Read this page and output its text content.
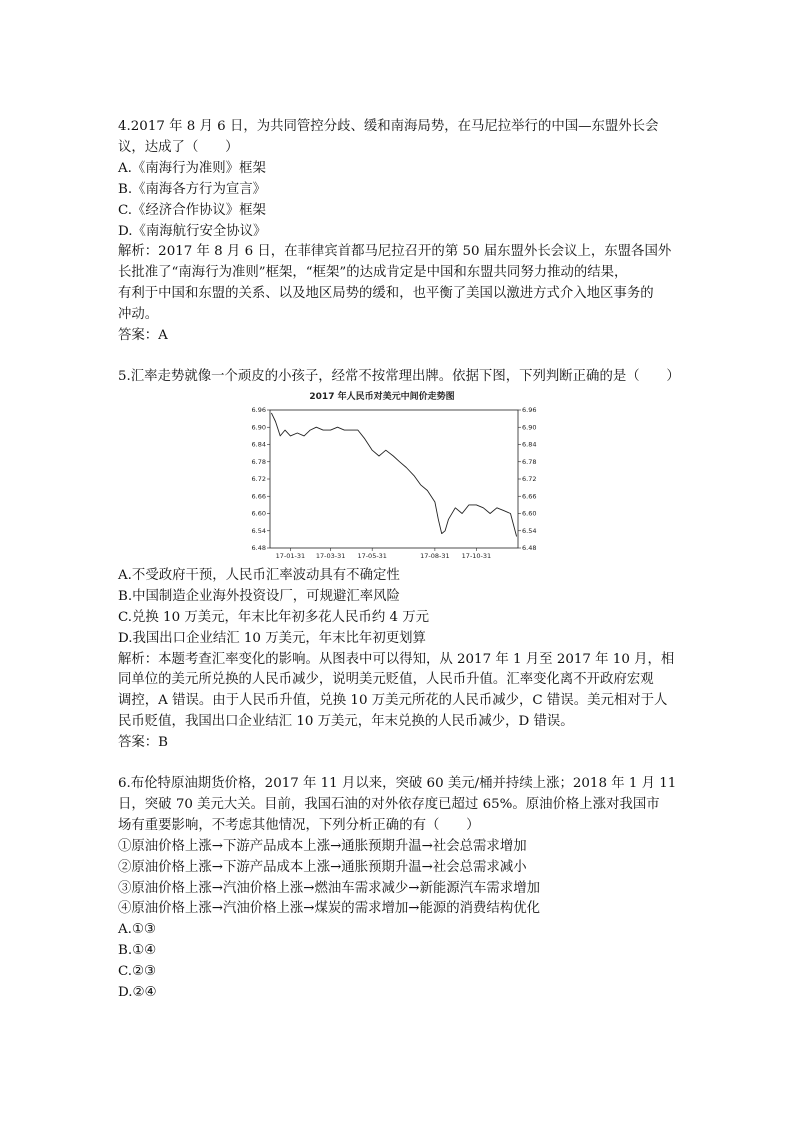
4.2017 年 8 月 6 日，为共同管控分歧、缓和南海局势，在马尼拉举行的中国—东盟外长会
议，达成了（　　）
A.《南海行为准则》框架
B.《南海各方行为宣言》
C.《经济合作协议》框架
D.《南海航行安全协议》
解析：2017 年 8 月 6 日，在菲律宾首都马尼拉召开的第 50 届东盟外长会议上，东盟各国外
长批准了“南海行为准则”框架，“框架”的达成肯定是中国和东盟共同努力推动的结果，
有利于中国和东盟的关系、以及地区局势的缓和，也平衡了美国以激进方式介入地区事务的
冲动。
答案：A
5.汇率走势就像一个顽皮的小孩子，经常不按常理出牌。依据下图，下列判断正确的是（　　）
2017 年人民币对美元中间价走势图
6.96	6.96
6.90	6.90
6.84	6.84
6.78	6.78
6.72	6.72
6.66	6.66
6.60	6.60
6.54	6.54
6.48	6.48
17-01-31 17-03-31 17-05-31	17-08-31 17-10-31
A.不受政府干预，人民币汇率波动具有不确定性
B.中国制造企业海外投资设厂，可规避汇率风险
C.兑换 10 万美元，年末比年初多花人民币约 4 万元
D.我国出口企业结汇 10 万美元，年末比年初更划算
解析：本题考查汇率变化的影响。从图表中可以得知，从 2017 年 1 月至 2017 年 10 月，相
同单位的美元所兑换的人民币减少，说明美元贬值，人民币升值。汇率变化离不开政府宏观
调控，A 错误。由于人民币升值，兑换 10 万美元所花的人民币减少，C 错误。美元相对于人
民币贬值，我国出口企业结汇 10 万美元，年末兑换的人民币减少，D 错误。
答案：B
6.布伦特原油期货价格，2017 年 11 月以来，突破 60 美元/桶并持续上涨；2018 年 1 月 11
日，突破 70 美元大关。目前，我国石油的对外依存度已超过 65%。原油价格上涨对我国市
场有重要影响，不考虑其他情况，下列分析正确的有（　　）
①原油价格上涨→下游产品成本上涨→通胀预期升温→社会总需求增加
②原油价格上涨→下游产品成本上涨→通胀预期升温→社会总需求减小
③原油价格上涨→汽油价格上涨→燃油车需求减少→新能源汽车需求增加
④原油价格上涨→汽油价格上涨→煤炭的需求增加→能源的消费结构优化
A.①③
B.①④
C.②③
D.②④
